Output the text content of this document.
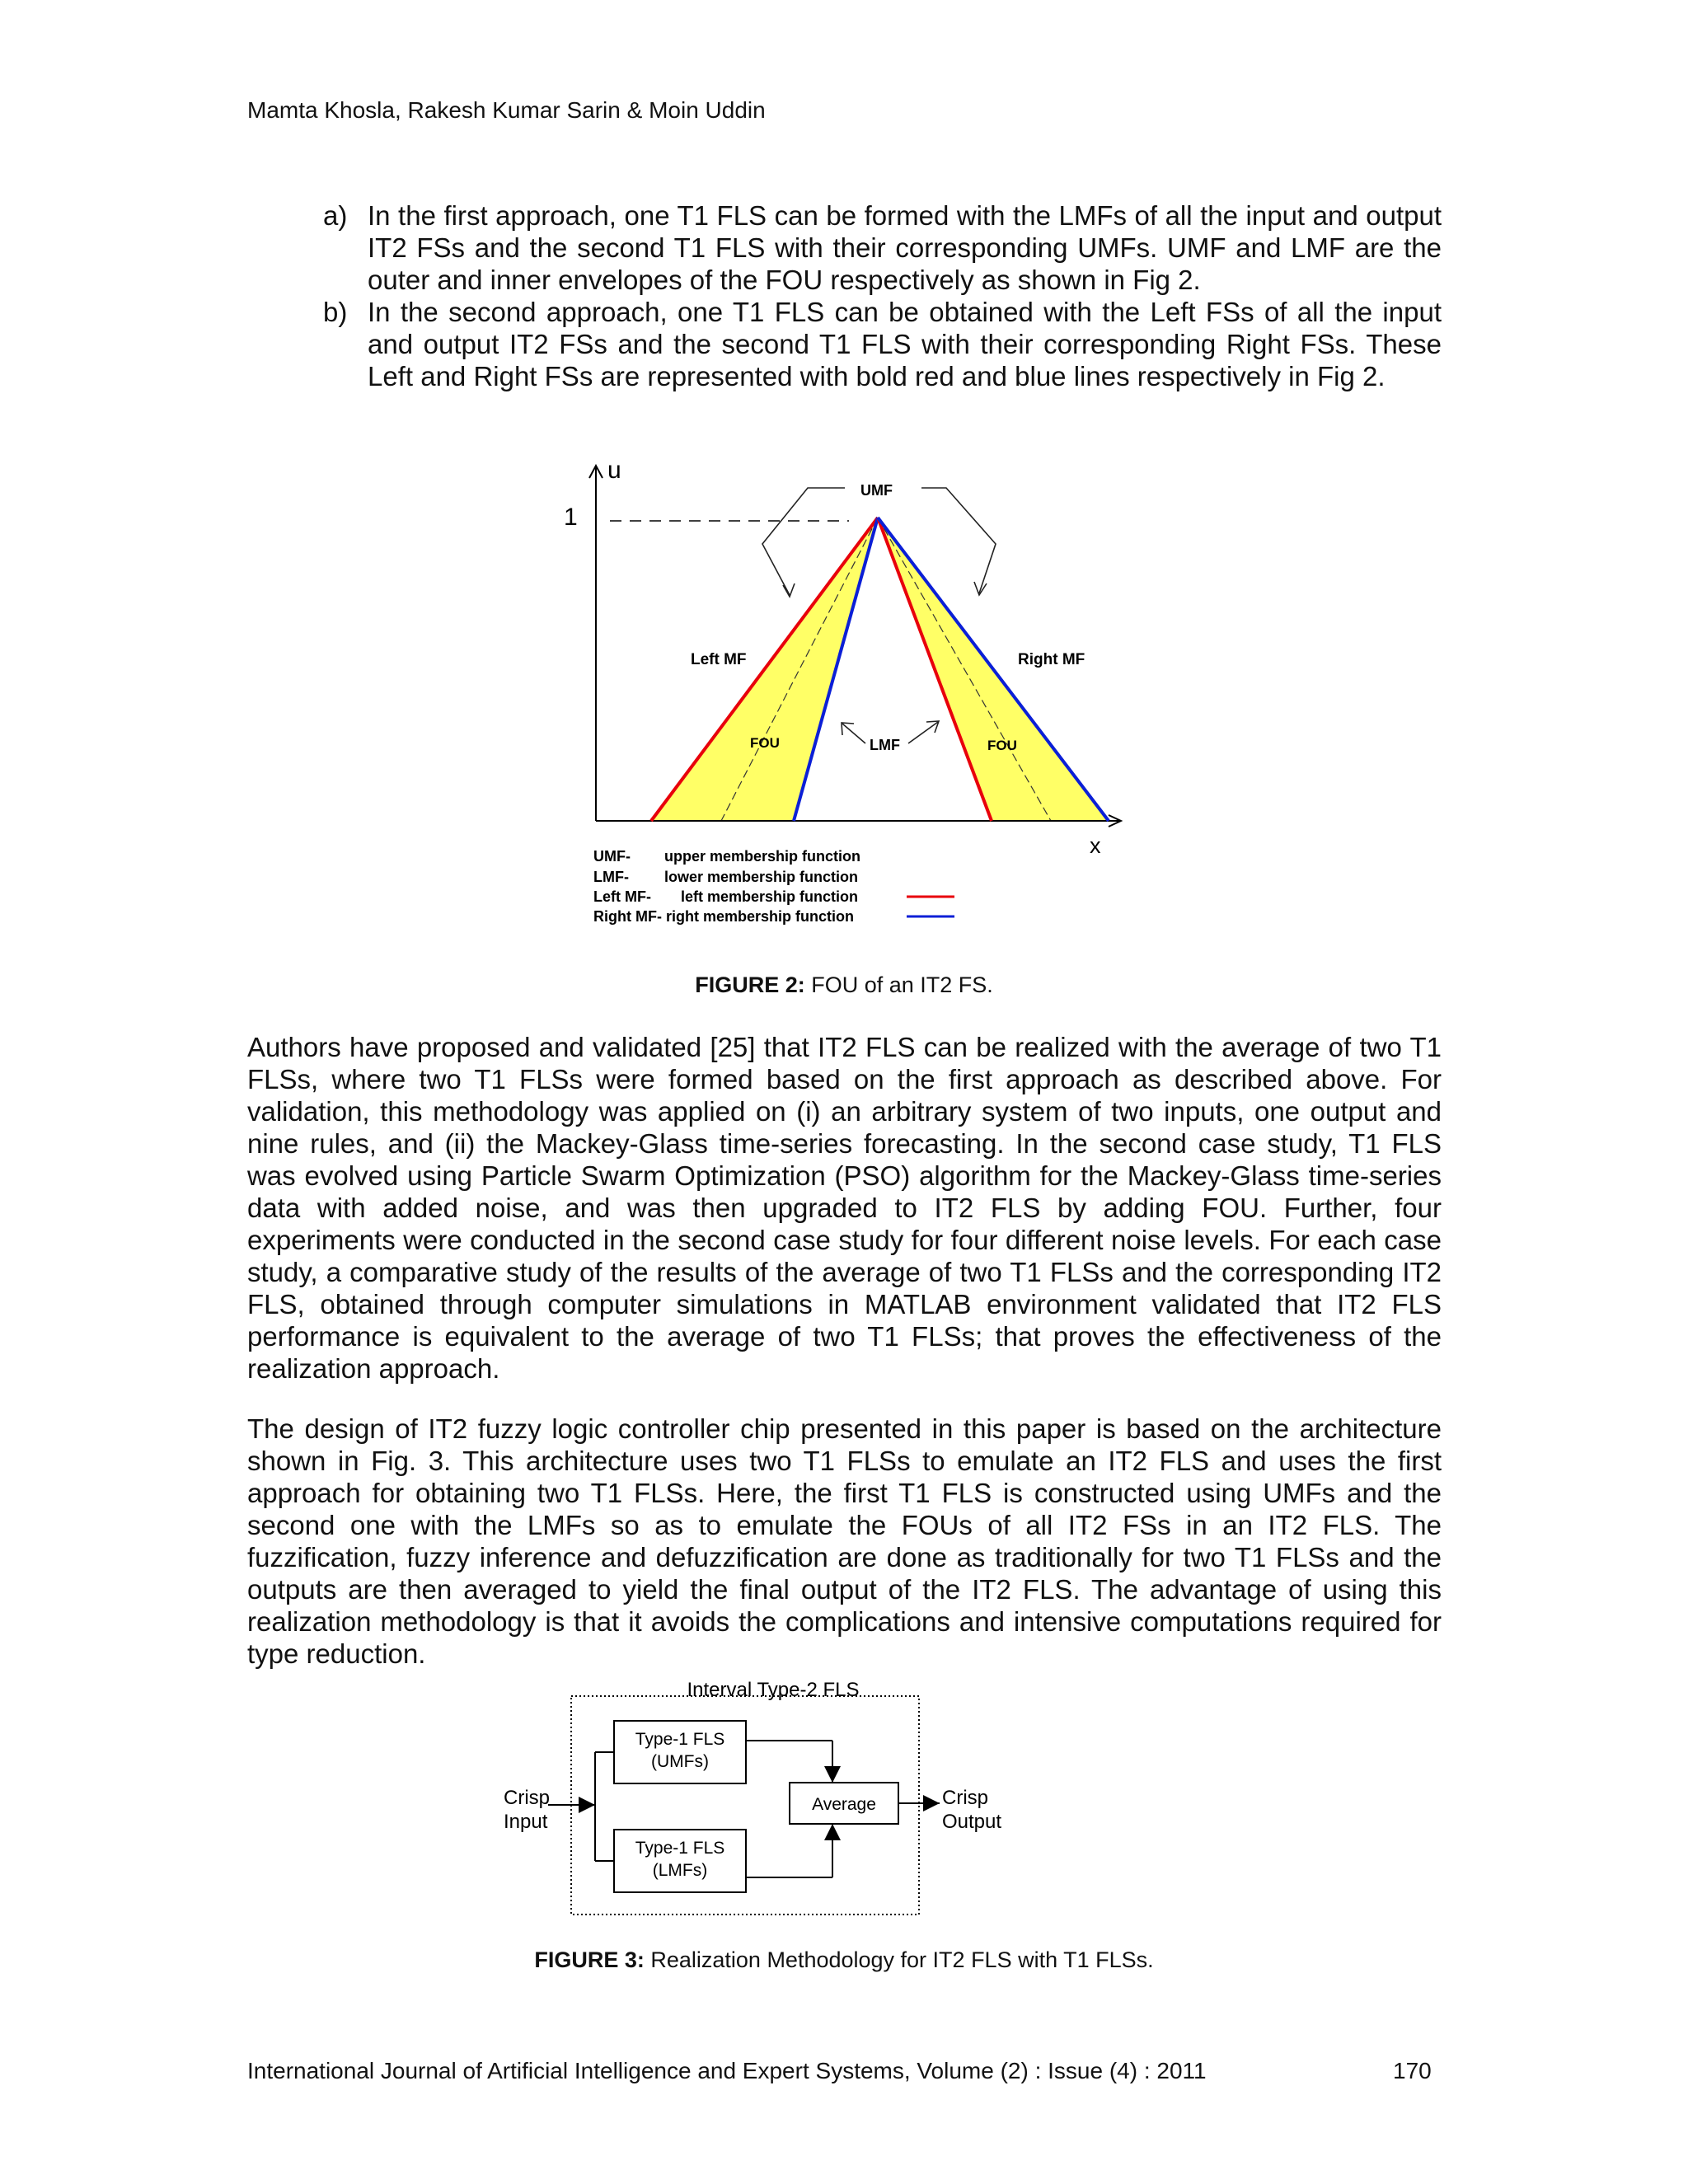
Mamta Khosla, Rakesh Kumar Sarin & Moin Uddin
a) In the first approach, one T1 FLS can be formed with the LMFs of all the input and output IT2 FSs and the second T1 FLS with their corresponding UMFs. UMF and LMF are the outer and inner envelopes of the FOU respectively as shown in Fig 2.
b) In the second approach, one T1 FLS can be obtained with the Left FSs of all the input and output IT2 FSs and the second T1 FLS with their corresponding Right FSs. These Left and Right FSs are represented with bold red and blue lines respectively in Fig 2.
u
1
x
UMF
Left MF	Right MF
FOU	FOU
LMF
UMF- upper membership function
LMF- lower membership function
Left MF- left membership function
Right MF- right membership function
FIGURE 2: FOU of an IT2 FS.
Authors have proposed and validated [25] that IT2 FLS can be realized with the average of two T1 FLSs, where two T1 FLSs were formed based on the first approach as described above. For validation, this methodology was applied on (i) an arbitrary system of two inputs, one output and nine rules, and (ii) the Mackey-Glass time-series forecasting. In the second case study, T1 FLS was evolved using Particle Swarm Optimization (PSO) algorithm for the Mackey-Glass time-series data with added noise, and was then upgraded to IT2 FLS by adding FOU. Further, four experiments were conducted in the second case study for four different noise levels. For each case study, a comparative study of the results of the average of two T1 FLSs and the corresponding IT2 FLS, obtained through computer simulations in MATLAB environment validated that IT2 FLS performance is equivalent to the average of two T1 FLSs; that proves the effectiveness of the realization approach.
The design of IT2 fuzzy logic controller chip presented in this paper is based on the architecture shown in Fig. 3. This architecture uses two T1 FLSs to emulate an IT2 FLS and uses the first approach for obtaining two T1 FLSs. Here, the first T1 FLS is constructed using UMFs and the second one with the LMFs so as to emulate the FOUs of all IT2 FSs in an IT2 FLS. The fuzzification, fuzzy inference and defuzzification are done as traditionally for two T1 FLSs and the outputs are then averaged to yield the final output of the IT2 FLS. The advantage of using this realization methodology is that it avoids the complications and intensive computations required for type reduction.
Interval Type-2 FLS
Type-1 FLS
(UMFs)
Type-1 FLS
(LMFs)
Average
Crisp
Input
Crisp
Output
FIGURE 3: Realization Methodology for IT2 FLS with T1 FLSs.
International Journal of Artificial Intelligence and Expert Systems, Volume (2) : Issue (4) : 2011	170
